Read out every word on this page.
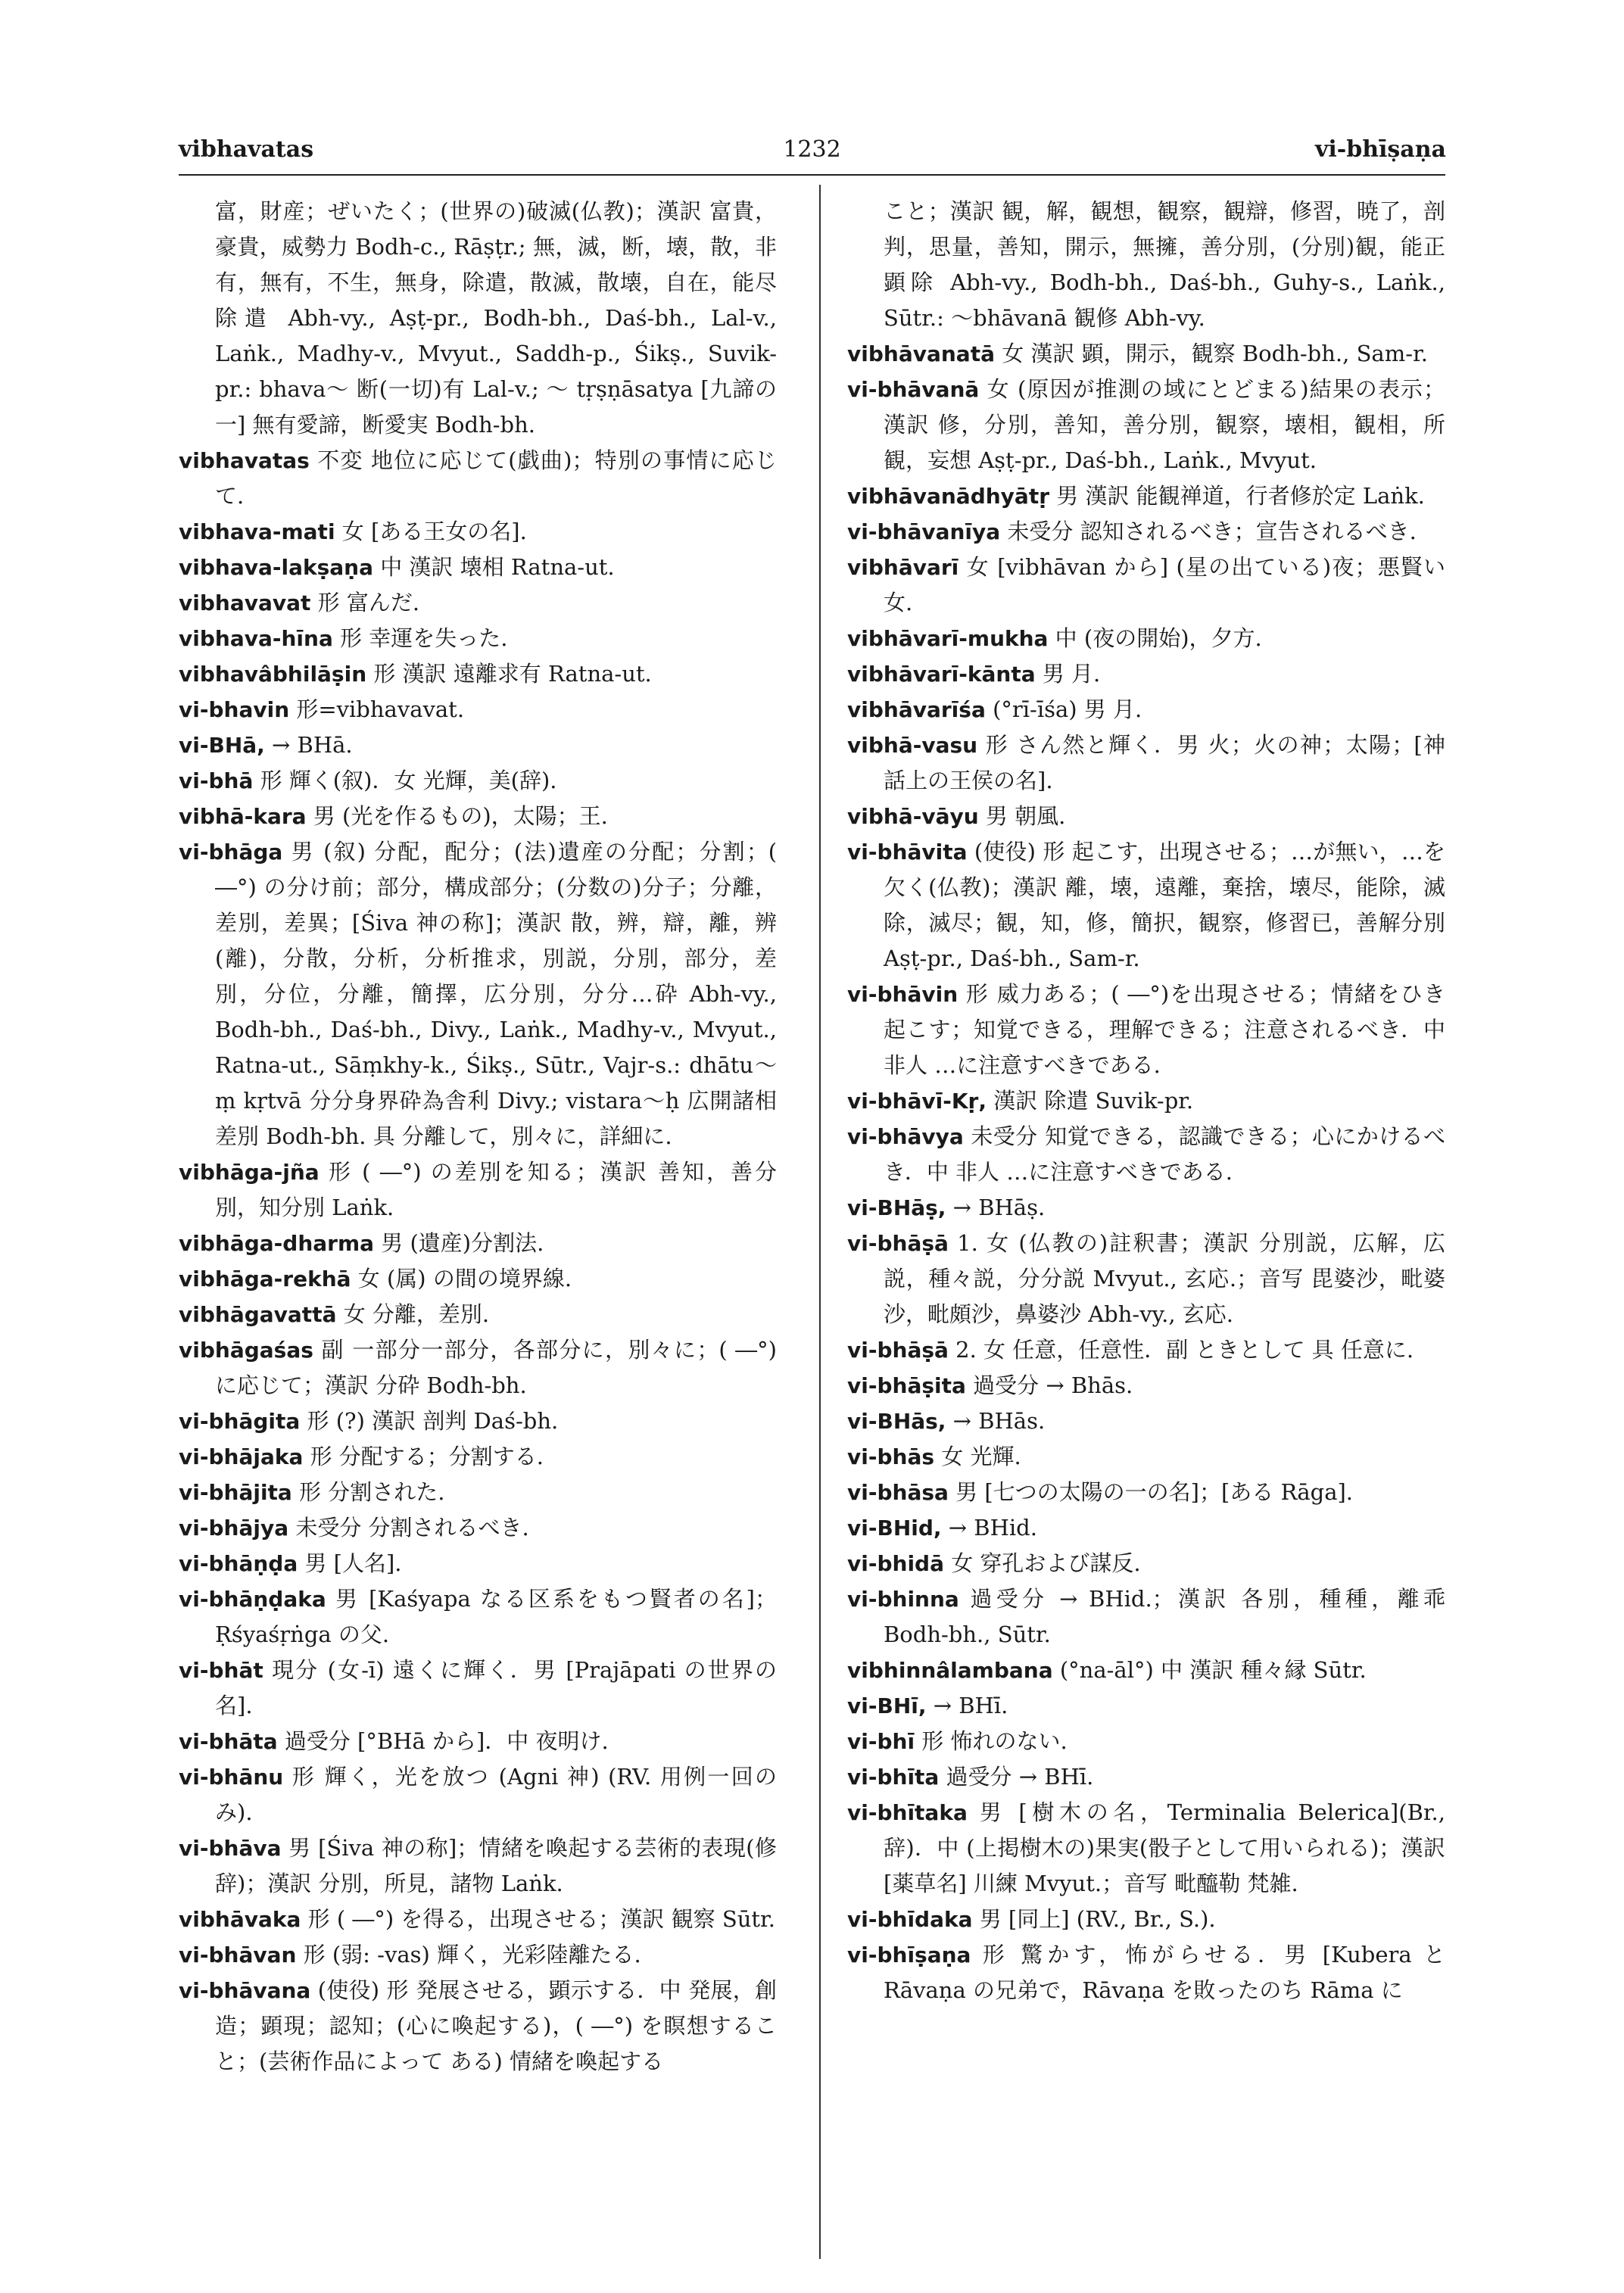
vibhavatas	1232	vi-bhīṣaṇa

富，財産；ぜいたく；(世界の)破滅(仏教)；漢訳 富貴，豪貴，威勢力 Bodh-c., Rāṣṭr.; 無，滅，断，壊，散，非有，無有，不生，無身，除遣，散滅，散壊，自在，能尽除遣 Abh-vy., Aṣṭ-pr., Bodh-bh., Daś-bh., Lal-v., Laṅk., Madhy-v., Mvyut., Saddh-p., Śikṣ., Suvik-pr.: bhava～ 断(一切)有 Lal-v.; ～ tṛṣṇāsatya [九諦の一] 無有愛諦，断愛実 Bodh-bh.

vibhavatas 不変 地位に応じて(戯曲)；特別の事情に応じて.

vibhava-mati 女 [ある王女の名].

vibhava-lakṣaṇa 中 漢訳 壊相 Ratna-ut.

vibhavavat 形 富んだ.

vibhava-hīna 形 幸運を失った.

vibhavâbhilāṣin 形 漢訳 遠離求有 Ratna-ut.

vi-bhavin 形=vibhavavat.

vi-BHā, → BHā.

vi-bhā 形 輝く(叙)．女 光輝，美(辞).

vibhā-kara 男 (光を作るもの)，太陽；王.

vi-bhāga 男 (叙) 分配，配分；(法)遺産の分配；分割；( ―°) の分け前；部分，構成部分；(分数の)分子；分離，差別，差異；[Śiva 神の称]；漢訳 散，辨，辯，離，辨(離)，分散，分析，分析推求，別説，分別，部分，差別，分位，分離，簡擇，広分別，分分…砕 Abh-vy., Bodh-bh., Daś-bh., Divy., Laṅk., Madhy-v., Mvyut., Ratna-ut., Sāṃkhy-k., Śikṣ., Sūtr., Vajr-s.: dhātu～ṃ kṛtvā 分分身界砕為舎利 Divy.; vistara～ḥ 広開諸相差別 Bodh-bh. 具 分離して，別々に，詳細に.

vibhāga-jña 形 ( ―°) の差別を知る；漢訳 善知，善分別，知分別 Laṅk.

vibhāga-dharma 男 (遺産)分割法.

vibhāga-rekhā 女 (属) の間の境界線.

vibhāgavattā 女 分離，差別.

vibhāgaśas 副 一部分一部分，各部分に，別々に；( ―°) に応じて；漢訳 分砕 Bodh-bh.

vi-bhāgita 形 (?) 漢訳 剖判 Daś-bh.

vi-bhājaka 形 分配する；分割する.

vi-bhājita 形 分割された.

vi-bhājya 未受分 分割されるべき.

vi-bhāṇḍa 男 [人名].

vi-bhāṇḍaka 男 [Kaśyapa なる区系をもつ賢者の名]；Ṛśyaśṛṅga の父.

vi-bhāt 現分 (女-ī) 遠くに輝く．男 [Prajāpati の世界の名].

vi-bhāta 過受分 [°BHā から]．中 夜明け.

vi-bhānu 形 輝く，光を放つ (Agni 神) (RV. 用例一回のみ).

vi-bhāva 男 [Śiva 神の称]；情緒を喚起する芸術的表現(修辞)；漢訳 分別，所見，諸物 Laṅk.

vibhāvaka 形 ( ―°) を得る，出現させる；漢訳 観察 Sūtr.

vi-bhāvan 形 (弱: -vas) 輝く，光彩陸離たる.

vi-bhāvana (使役) 形 発展させる，顕示する．中 発展，創造；顕現；認知；(心に喚起する)，( ―°) を瞑想すること；(芸術作品によって ある) 情緒を喚起する

こと；漢訳 観，解，観想，観察，観辯，修習，暁了，剖判，思量，善知，開示，無擁，善分別，(分別)観，能正顕除 Abh-vy., Bodh-bh., Daś-bh., Guhy-s., Laṅk., Sūtr.: ～bhāvanā 観修 Abh-vy.

vibhāvanatā 女 漢訳 顕，開示，観察 Bodh-bh., Sam-r.

vi-bhāvanā 女 (原因が推測の域にとどまる)結果の表示；漢訳 修，分別，善知，善分別，観察，壊相，観相，所観，妄想 Aṣṭ-pr., Daś-bh., Laṅk., Mvyut.

vibhāvanādhyātṛ 男 漢訳 能観禅道，行者修於定 Laṅk.

vi-bhāvanīya 未受分 認知されるべき；宣告されるべき.

vibhāvarī 女 [vibhāvan から] (星の出ている)夜；悪賢い女.

vibhāvarī-mukha 中 (夜の開始)，夕方.

vibhāvarī-kānta 男 月.

vibhāvarīśa (°rī-īśa) 男 月.

vibhā-vasu 形 さん然と輝く．男 火；火の神；太陽；[神話上の王侯の名].

vibhā-vāyu 男 朝風.

vi-bhāvita (使役) 形 起こす，出現させる；…が無い，…を欠く(仏教)；漢訳 離，壊，遠離，棄捨，壊尽，能除，滅除，滅尽；観，知，修，簡択，観察，修習已，善解分別 Aṣṭ-pr., Daś-bh., Sam-r.

vi-bhāvin 形 威力ある；( ―°)を出現させる；情緒をひき起こす；知覚できる，理解できる；注意されるべき．中 非人 …に注意すべきである.

vi-bhāvī-Kṛ, 漢訳 除遣 Suvik-pr.

vi-bhāvya 未受分 知覚できる，認識できる；心にかけるべき．中 非人 …に注意すべきである.

vi-BHāṣ, → BHāṣ.

vi-bhāṣā 1. 女 (仏教の)註釈書；漢訳 分別説，広解，広説，種々説，分分説 Mvyut., 玄応.；音写 毘婆沙，毗婆沙，毗頗沙，鼻婆沙 Abh-vy., 玄応.

vi-bhāṣā 2. 女 任意，任意性．副 ときとして 具 任意に.

vi-bhāṣita 過受分 → Bhās.

vi-BHās, → BHās.

vi-bhās 女 光輝.

vi-bhāsa 男 [七つの太陽の一の名]；[ある Rāga].

vi-BHid, → BHid.

vi-bhidā 女 穿孔および謀反.

vi-bhinna 過受分 → BHid.；漢訳 各別，種種，離乖 Bodh-bh., Sūtr.

vibhinnâlambana (°na-āl°) 中 漢訳 種々縁 Sūtr.

vi-BHī, → BHī.

vi-bhī 形 怖れのない.

vi-bhīta 過受分 → BHī.

vi-bhītaka 男 [樹木の名，Terminalia Belerica](Br., 辞)．中 (上掲樹木の)果実(骰子として用いられる)；漢訳 [薬草名] 川練 Mvyut.；音写 毗醯勒 梵雑.

vi-bhīdaka 男 [同上] (RV., Br., S.).

vi-bhīṣaṇa 形 驚かす，怖がらせる．男 [Kubera と Rāvaṇa の兄弟で，Rāvaṇa を敗ったのち Rāma に
